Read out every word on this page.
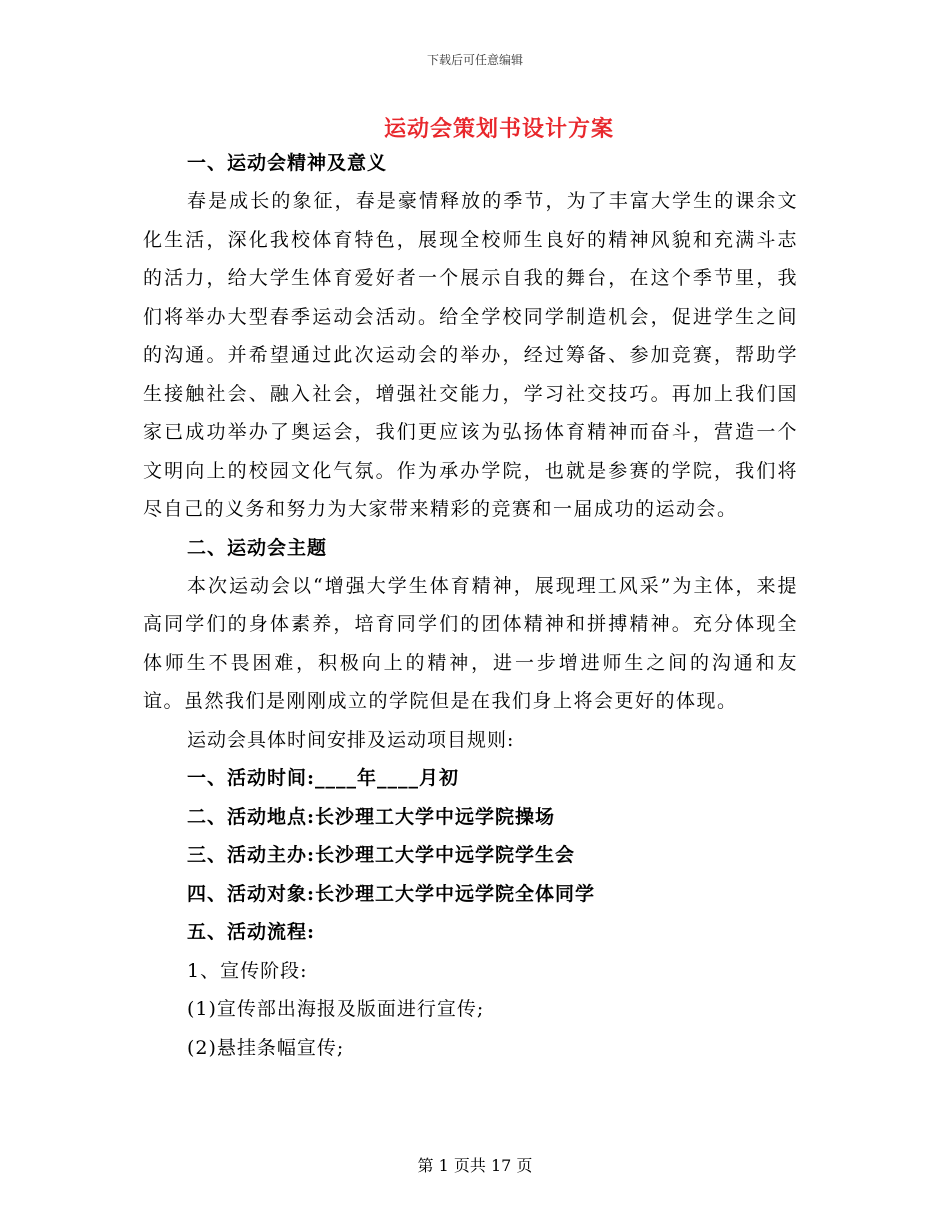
下载后可任意编辑
运动会策划书设计方案
一、运动会精神及意义
春是成长的象征，春是豪情释放的季节，为了丰富大学生的课余文化生活，深化我校体育特色，展现全校师生良好的精神风貌和充满斗志的活力，给大学生体育爱好者一个展示自我的舞台，在这个季节里，我们将举办大型春季运动会活动。给全学校同学制造机会，促进学生之间的沟通。并希望通过此次运动会的举办，经过筹备、参加竞赛，帮助学生接触社会、融入社会，增强社交能力，学习社交技巧。再加上我们国家已成功举办了奥运会，我们更应该为弘扬体育精神而奋斗，营造一个文明向上的校园文化气氛。作为承办学院，也就是参赛的学院，我们将尽自己的义务和努力为大家带来精彩的竞赛和一届成功的运动会。
二、运动会主题
本次运动会以“增强大学生体育精神，展现理工风采”为主体，来提高同学们的身体素养，培育同学们的团体精神和拼搏精神。充分体现全体师生不畏困难，积极向上的精神，进一步增进师生之间的沟通和友谊。虽然我们是刚刚成立的学院但是在我们身上将会更好的体现。
运动会具体时间安排及运动项目规则:
一、活动时间:____年____月初
二、活动地点:长沙理工大学中远学院操场
三、活动主办:长沙理工大学中远学院学生会
四、活动对象:长沙理工大学中远学院全体同学
五、活动流程:
1、宣传阶段:
(1)宣传部出海报及版面进行宣传;
(2)悬挂条幅宣传;
第 1 页共 17 页
